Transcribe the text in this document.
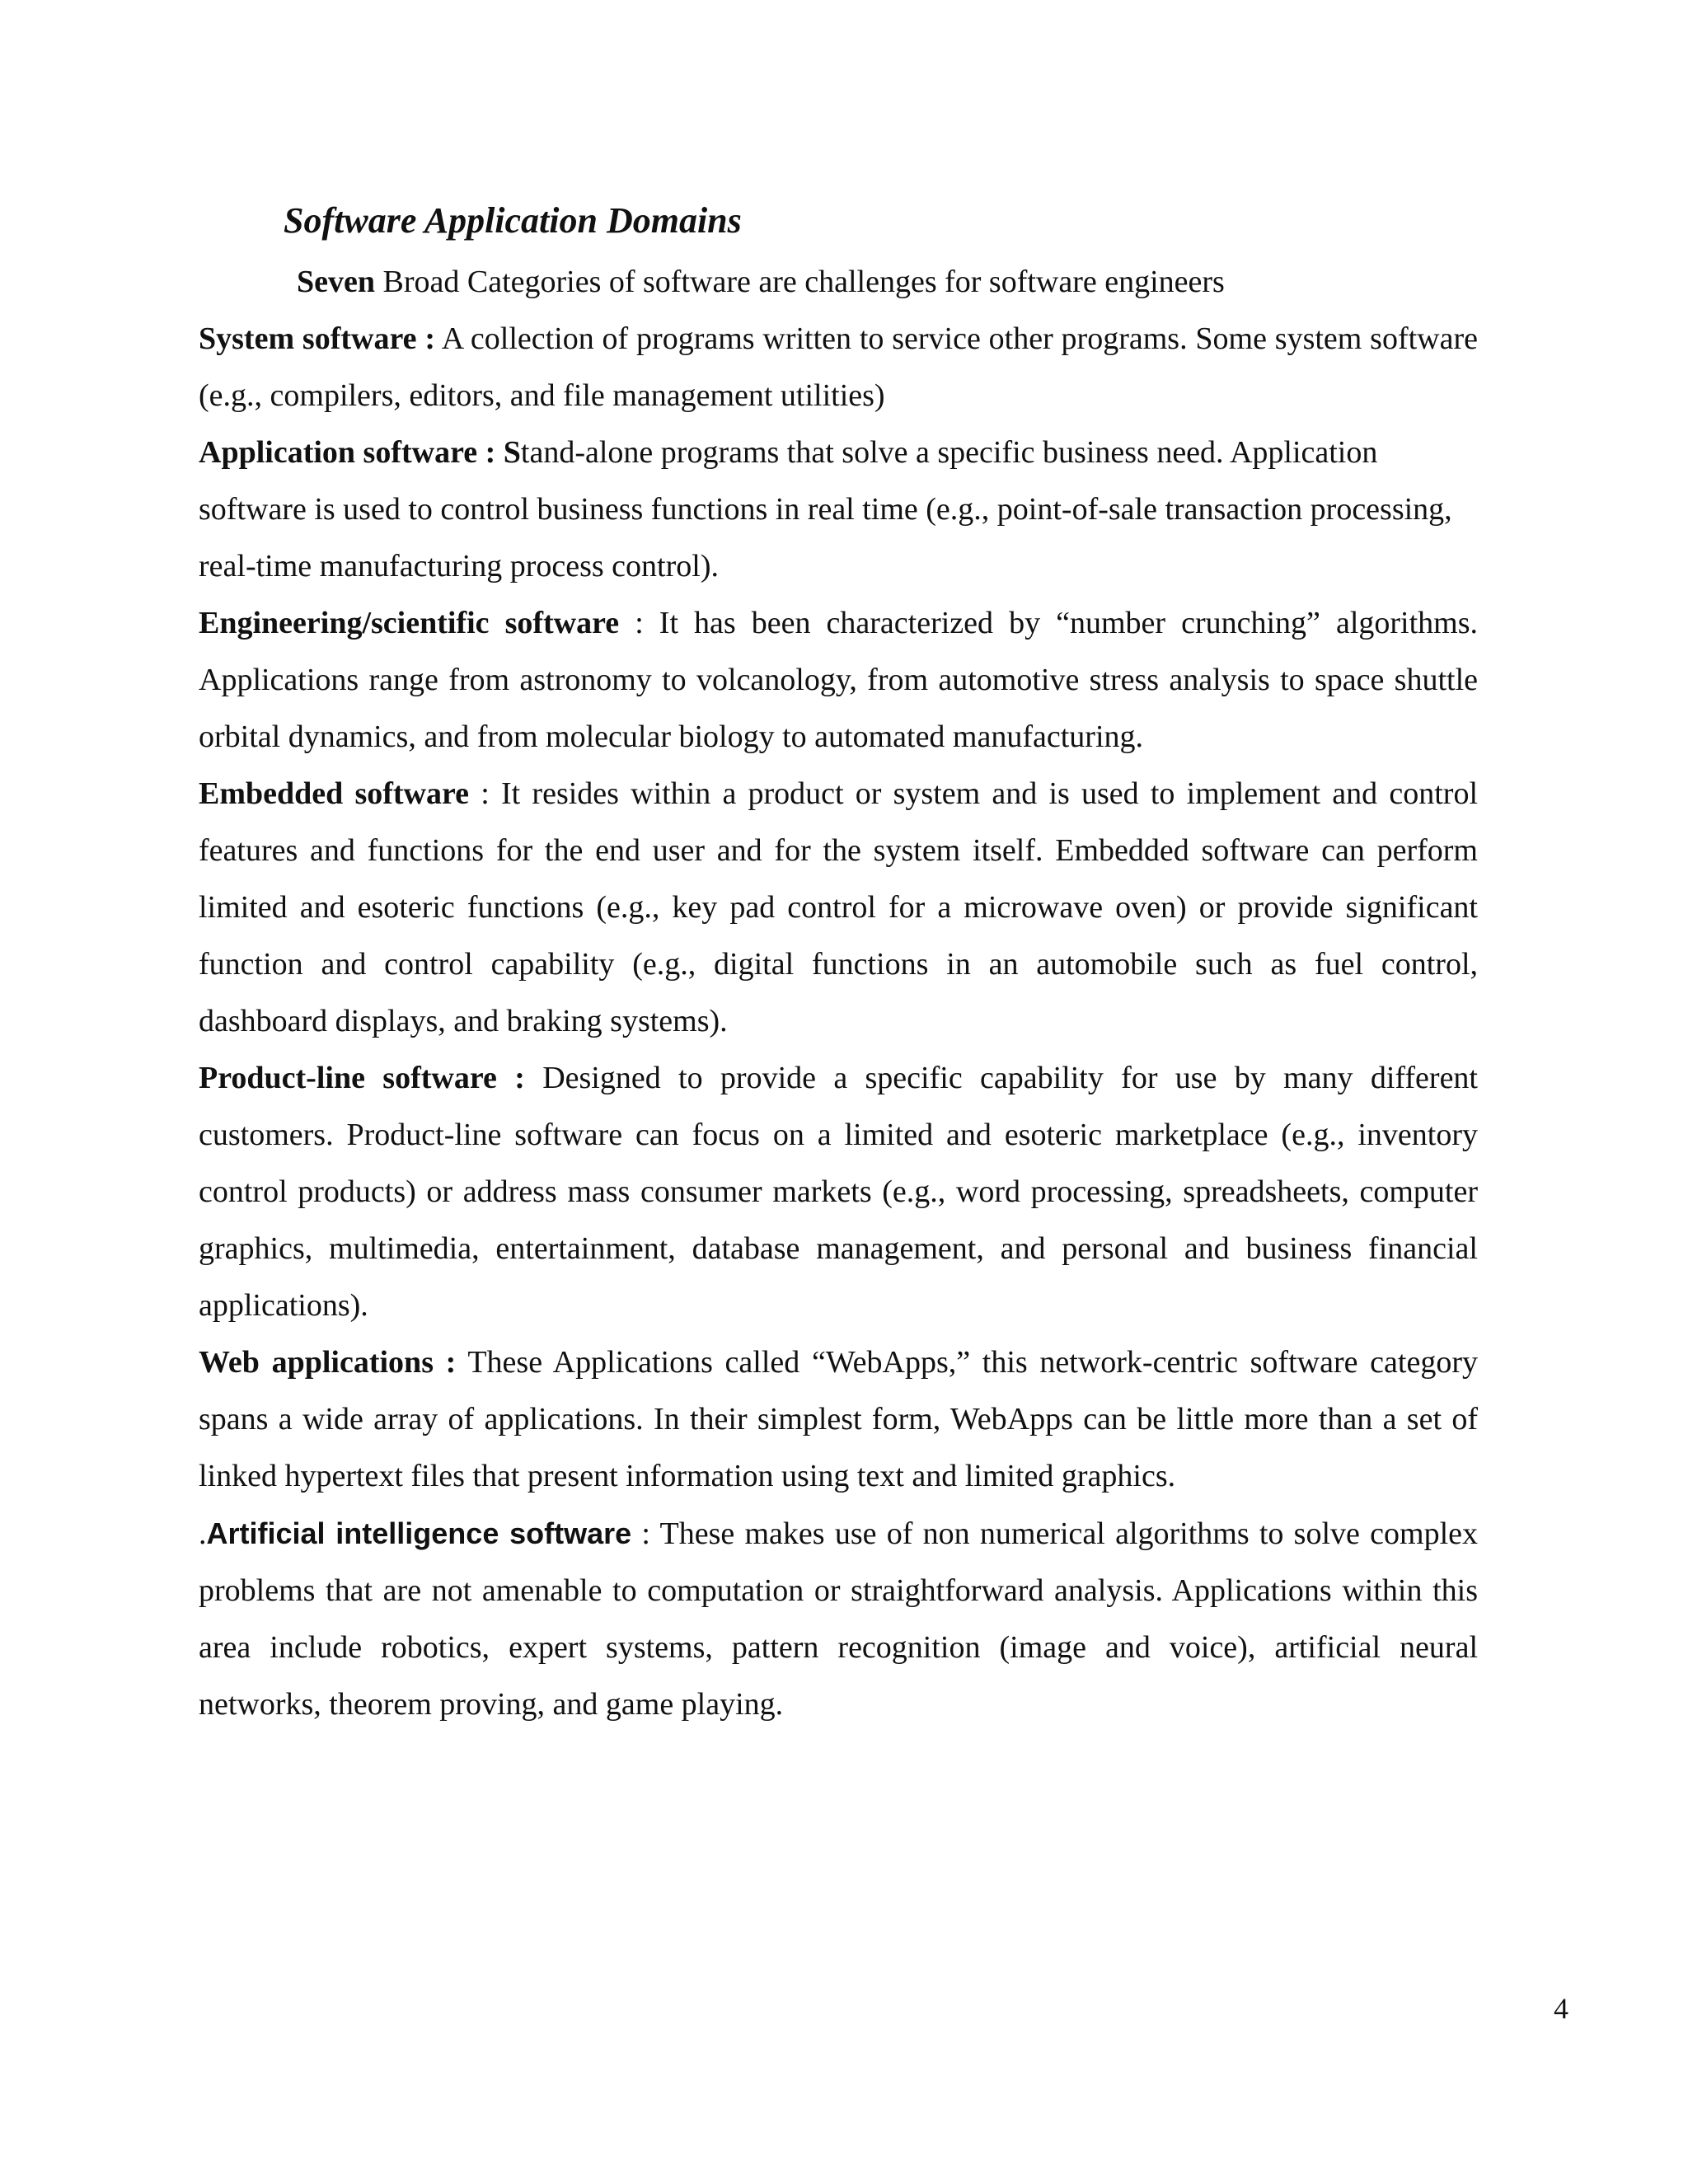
Software Application Domains

Seven Broad Categories of software are challenges for software engineers

System software : A collection of programs written to service other programs. Some system software (e.g., compilers, editors, and file management utilities)

Application software : Stand-alone programs that solve a specific business need. Application software is used to control business functions in real time (e.g., point-of-sale transaction processing, real-time manufacturing process control).

Engineering/scientific software : It has been characterized by “number crunching” algorithms. Applications range from astronomy to volcanology, from automotive stress analysis to space shuttle orbital dynamics, and from molecular biology to automated manufacturing.

Embedded software : It resides within a product or system and is used to implement and control features and functions for the end user and for the system itself. Embedded software can perform limited and esoteric functions (e.g., key pad control for a microwave oven) or provide significant function and control capability (e.g., digital functions in an automobile such as fuel control, dashboard displays, and braking systems).

Product-line software : Designed to provide a specific capability for use by many different customers. Product-line software can focus on a limited and esoteric marketplace (e.g., inventory control products) or address mass consumer markets (e.g., word processing, spreadsheets, computer graphics, multimedia, entertainment, database management, and personal and business financial applications).

Web applications : These Applications called “WebApps,” this network-centric software category spans a wide array of applications. In their simplest form, WebApps can be little more than a set of linked hypertext files that present information using text and limited graphics.

.Artificial intelligence software : These makes use of non numerical algorithms to solve complex problems that are not amenable to computation or straightforward analysis. Applications within this area include robotics, expert systems, pattern recognition (image and voice), artificial neural networks, theorem proving, and game playing.

4
